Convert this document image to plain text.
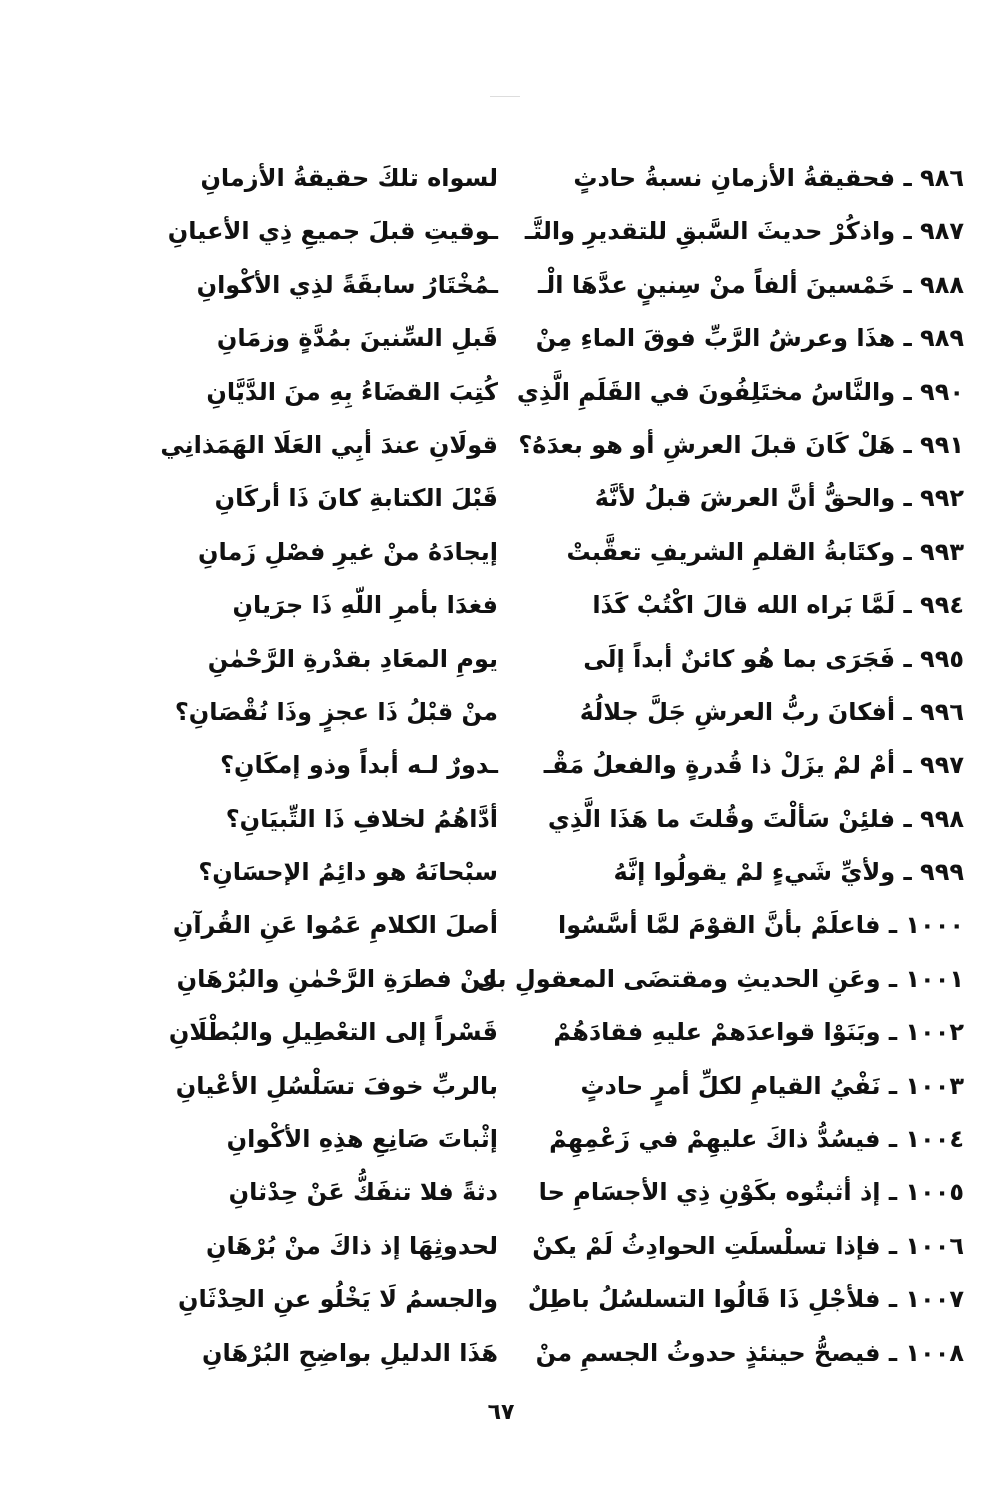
٩٨٦ ـ فحقيقةُ الأزمانِ نسبةُ حادثٍ
لسواه تلكَ حقيقةُ الأزمانِ
٩٨٧ ـ واذكُرْ حديثَ السَّبقِ للتقديرِ والتَّـ
ـوقيتِ قبلَ جميعِ ذِي الأعيانِ
٩٨٨ ـ خَمْسينَ ألفاً منْ سِنينٍ عدَّهَا الْـ
ـمُخْتَارُ سابقَةً لذِي الأكْوانِ
٩٨٩ ـ هذَا وعرشُ الرَّبِّ فوقَ الماءِ مِنْ
قَبلِ السِّنينَ بمُدَّةٍ وزمَانِ
٩٩٠ ـ والنَّاسُ مختَلِفُونَ في القَلَمِ الَّذِي
كُتِبَ القضَاءُ بِهِ منَ الدَّيَّانِ
٩٩١ ـ هَلْ كَانَ قبلَ العرشِ أو هو بعدَهُ؟
قولَانِ عندَ أبِي العَلَا الهَمَذانِي
٩٩٢ ـ والحقُّ أنَّ العرشَ قبلُ لأنَّهُ
قَبْلَ الكتابةِ كانَ ذَا أركَانِ
٩٩٣ ـ وكتَابةُ القلمِ الشريفِ تعقَّبتْ
إيجادَهُ منْ غيرِ فصْلِ زَمانِ
٩٩٤ ـ لَمَّا بَراه الله قالَ اكْتُبْ كَذَا
فغدَا بأمرِ اللّهِ ذَا جرَيانِ
٩٩٥ ـ فَجَرَى بما هُو كائنٌ أبداً إلَى
يومِ المعَادِ بقدْرةِ الرَّحْمٰنِ
٩٩٦ ـ أفكانَ ربُّ العرشِ جَلَّ جلالُهُ
منْ قبْلُ ذَا عجزٍ وذَا نُقْصَانِ؟
٩٩٧ ـ أمْ لمْ يزَلْ ذا قُدرةٍ والفعلُ مَقْـ
ـدورٌ لـه أبداً وذو إمكَانِ؟
٩٩٨ ـ فلئِنْ سَألْتَ وقُلتَ ما هَذَا الَّذِي
أدَّاهُمُ لخلافِ ذَا التِّبيَانِ؟
٩٩٩ ـ ولأيِّ شَيءٍ لمْ يقولُوا إنَّهُ
سبْحانَهُ هو دائِمُ الإحسَانِ؟
١٠٠٠ ـ فاعلَمْ بأنَّ القوْمَ لمَّا أسَّسُوا
أصلَ الكلامِ عَمُوا عَنِ القُرآنِ
١٠٠١ ـ وعَنِ الحديثِ ومقتضَى المعقولِ بل
عنْ فطرَةِ الرَّحْمٰنِ والبُرْهَانِ
١٠٠٢ ـ وبَنَوْا قواعدَهمْ عليهِ فقادَهُمْ
قَسْراً إلى التعْطِيلِ والبُطْلَانِ
١٠٠٣ ـ نَفْيُ القيامِ لكلِّ أمرٍ حادثٍ
بالربِّ خوفَ تسَلْسُلِ الأعْيانِ
١٠٠٤ ـ فيسُدُّ ذاكَ عليهِمْ في زَعْمِهِمْ
إثْباتَ صَانِعِ هذِهِ الأكْوانِ
١٠٠٥ ـ إذ أثبتُوه بكَوْنِ ذِي الأجسَامِ حا
دثةً فلا تنفَكُّ عَنْ حِدْثانِ
١٠٠٦ ـ فإذا تسلْسلَتِ الحوادِثُ لَمْ يكنْ
لحدوثِهَا إذ ذاكَ منْ بُرْهَانِ
١٠٠٧ ـ فلأجْلِ ذَا قَالُوا التسلسُلُ باطِلٌ
والجسمُ لَا يَخْلُو عنِ الحِدْثَانِ
١٠٠٨ ـ فيصحُّ حينئذٍ حدوثُ الجسمِ منْ
هَذَا الدليلِ بواضِحِ البُرْهَانِ
٦٧
